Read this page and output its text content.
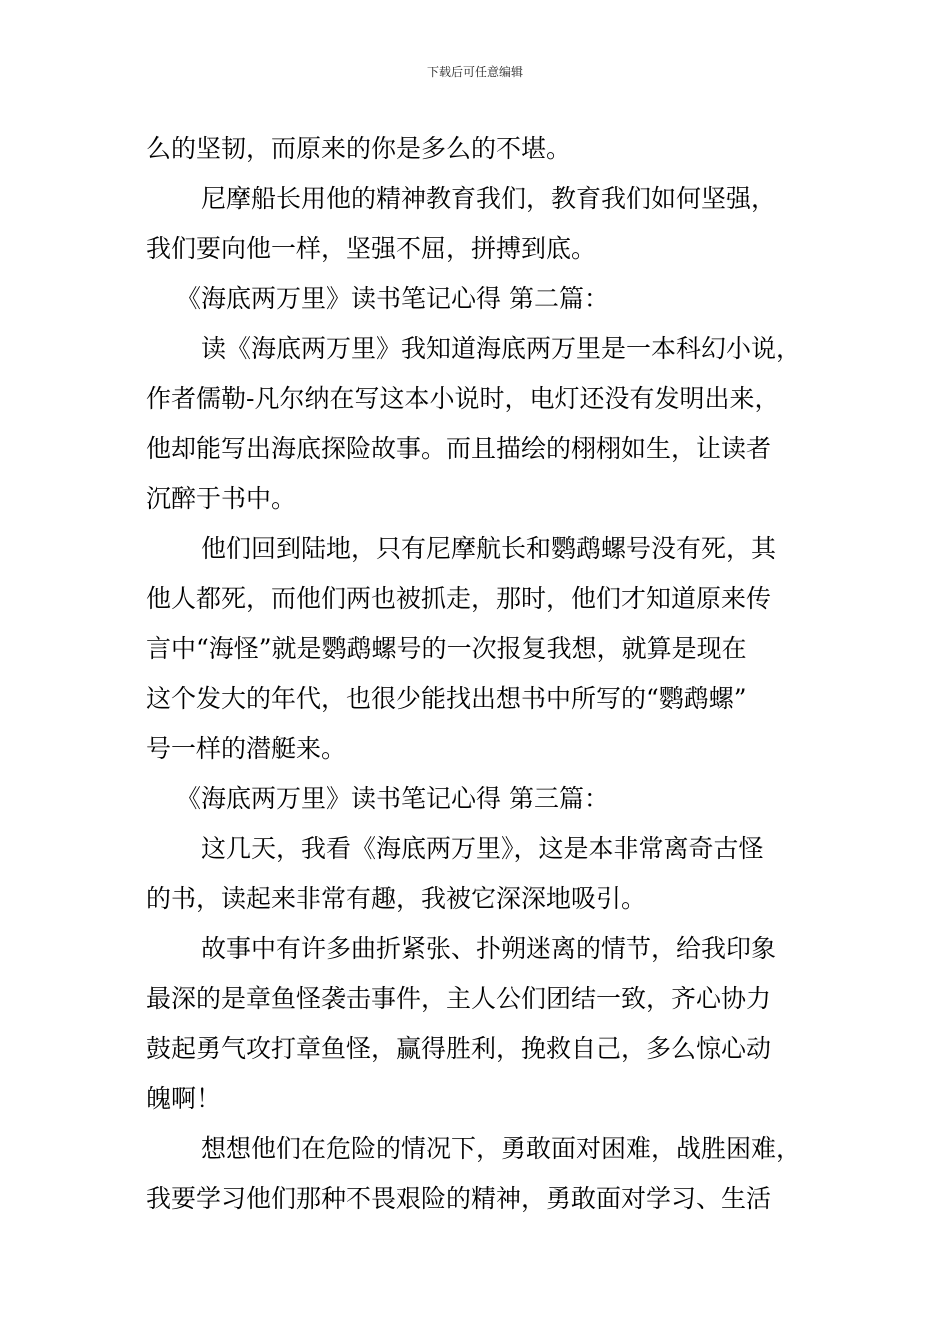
下载后可任意编辑
么的坚韧，而原来的你是多么的不堪。
尼摩船长用他的精神教育我们，教育我们如何坚强，
我们要向他一样，坚强不屈，拼搏到底。
《海底两万里》读书笔记心得 第二篇：
读《海底两万里》我知道海底两万里是一本科幻小说，
作者儒勒-凡尔纳在写这本小说时，电灯还没有发明出来，
他却能写出海底探险故事。而且描绘的栩栩如生，让读者
沉醉于书中。
他们回到陆地，只有尼摩航长和鹦鹉螺号没有死，其
他人都死，而他们两也被抓走，那时，他们才知道原来传
言中“海怪”就是鹦鹉螺号的一次报复我想，就算是现在
这个发大的年代，也很少能找出想书中所写的“鹦鹉螺”
号一样的潜艇来。
《海底两万里》读书笔记心得 第三篇：
这几天，我看《海底两万里》，这是本非常离奇古怪
的书，读起来非常有趣，我被它深深地吸引。
故事中有许多曲折紧张、扑朔迷离的情节，给我印象
最深的是章鱼怪袭击事件，主人公们团结一致，齐心协力
鼓起勇气攻打章鱼怪，赢得胜利，挽救自己，多么惊心动
魄啊！
想想他们在危险的情况下，勇敢面对困难，战胜困难，
我要学习他们那种不畏艰险的精神，勇敢面对学习、生活
